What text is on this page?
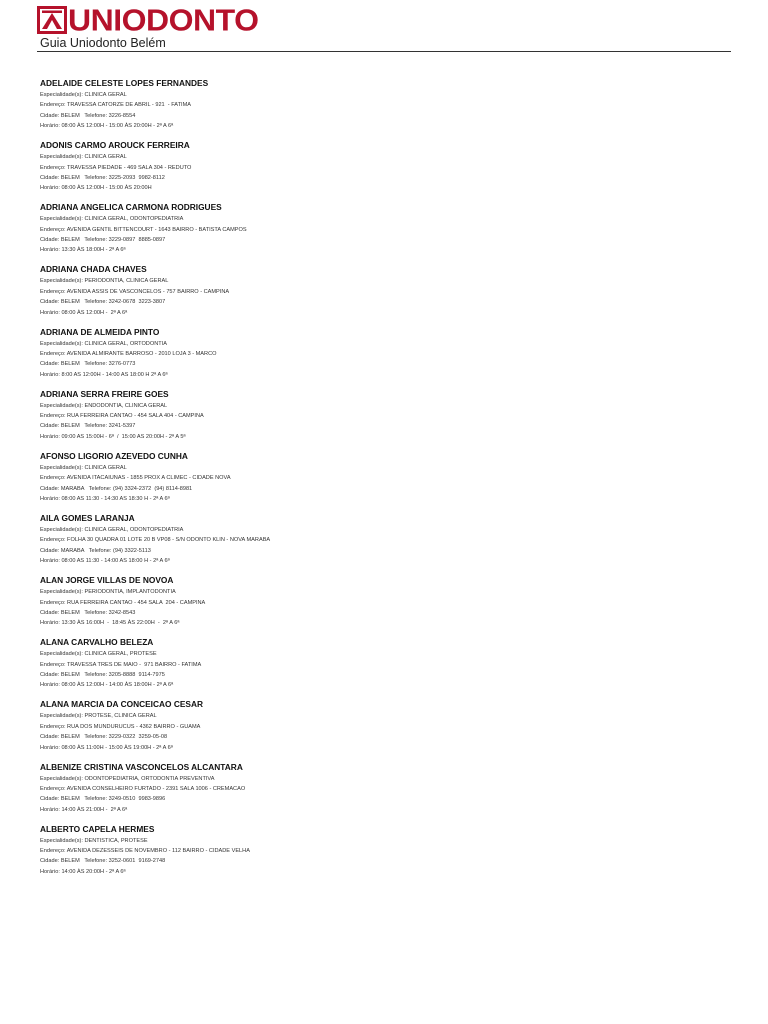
UNIODONTO
Guia Uniodonto Belém
ADELAIDE CELESTE LOPES FERNANDES
Especialidade(s): CLINICA GERAL
Endereço: TRAVESSA CATORZE DE ABRIL - 921  - FATIMA
Cidade: BELEM   Telefone: 3226-8554
Horário: 08:00 ÀS 12:00H - 15:00 ÀS 20:00H - 2ª A 6ª
ADONIS CARMO AROUCK FERREIRA
Especialidade(s): CLINICA GERAL
Endereço: TRAVESSA PIEDADE - 469 SALA 304 - REDUTO
Cidade: BELEM   Telefone: 3225-2093  9982-8112
Horário: 08:00 ÀS 12:00H - 15:00 ÀS 20:00H
ADRIANA ANGELICA CARMONA RODRIGUES
Especialidade(s): CLINICA GERAL, ODONTOPEDIATRIA
Endereço: AVENIDA GENTIL BITTENCOURT - 1643 BAIRRO - BATISTA CAMPOS
Cidade: BELEM   Telefone: 3229-0897  8885-0897
Horário: 13:30 ÀS 18:00H - 2ª A 6ª
ADRIANA CHADA CHAVES
Especialidade(s): PERIODONTIA, CLINICA GERAL
Endereço: AVENIDA ASSIS DE VASCONCELOS - 757 BAIRRO - CAMPINA
Cidade: BELEM   Telefone: 3242-0678  3223-3807
Horário: 08:00 ÀS 12:00H -  2ª A 6ª
ADRIANA DE ALMEIDA PINTO
Especialidade(s): CLINICA GERAL, ORTODONTIA
Endereço: AVENIDA ALMIRANTE BARROSO - 2010 LOJA 3 - MARCO
Cidade: BELEM   Telefone: 3276-0773
Horário: 8:00 AS 12:00H - 14:00 AS 18:00 H 2ª A 6ª
ADRIANA SERRA FREIRE GOES
Especialidade(s): ENDODONTIA, CLINICA GERAL
Endereço: RUA FERREIRA CANTAO - 454 SALA 404 - CAMPINA
Cidade: BELEM   Telefone: 3241-5397
Horário: 09:00 AS 15:00H - 6ª  /  15:00 AS 20:00H - 2ª A 5ª
AFONSO LIGORIO AZEVEDO CUNHA
Especialidade(s): CLINICA GERAL
Endereço: AVENIDA ITACAIUNAS - 1855 PROX A CLIMEC - CIDADE NOVA
Cidade: MARABA   Telefone: (94) 3324-2372  (94) 8114-8981
Horário: 08:00 AS 11:30 - 14:30 AS 18:30 H - 2ª A 6ª
AILA GOMES LARANJA
Especialidade(s): CLINICA GERAL, ODONTOPEDIATRIA
Endereço: FOLHA 30 QUADRA 01 LOTE 20 B VP08 - S/N ODONTO KLIN - NOVA MARABA
Cidade: MARABA   Telefone: (94) 3322-5113
Horário: 08:00 AS 11:30 - 14:00 AS 18:00 H - 2ª A 6ª
ALAN JORGE VILLAS DE NOVOA
Especialidade(s): PERIODONTIA, IMPLANTODONTIA
Endereço: RUA FERREIRA CANTAO - 454 SALA  204 - CAMPINA
Cidade: BELEM   Telefone: 3242-8543
Horário: 13:30 ÀS 16:00H  -  18:45 ÀS 22:00H  -  2ª A 6ª
ALANA CARVALHO BELEZA
Especialidade(s): CLINICA GERAL, PROTESE
Endereço: TRAVESSA TRES DE MAIO -  971 BAIRRO - FATIMA
Cidade: BELEM   Telefone: 3205-8888  9114-7975
Horário: 08:00 ÀS 12:00H - 14:00 ÀS 18:00H - 2ª A 6ª
ALANA MARCIA DA CONCEICAO CESAR
Especialidade(s): PROTESE, CLINICA GERAL
Endereço: RUA DOS MUNDURUCUS - 4362 BAIRRO - GUAMA
Cidade: BELEM   Telefone: 3229-0322  3259-05-08
Horário: 08:00 ÀS 11:00H - 15:00 ÀS 19:00H - 2ª A 6ª
ALBENIZE CRISTINA VASCONCELOS ALCANTARA
Especialidade(s): ODONTOPEDIATRIA, ORTODONTIA PREVENTIVA
Endereço: AVENIDA CONSELHEIRO FURTADO - 2391 SALA 1006 - CREMACAO
Cidade: BELEM   Telefone: 3249-0510  9983-9896
Horário: 14:00 ÀS 21:00H -  2ª A 6ª
ALBERTO CAPELA HERMES
Especialidade(s): DENTISTICA, PROTESE
Endereço: AVENIDA DEZESSEIS DE NOVEMBRO - 112 BAIRRO - CIDADE VELHA
Cidade: BELEM   Telefone: 3252-0601  9169-2748
Horário: 14:00 ÀS 20:00H - 2ª A 6ª
